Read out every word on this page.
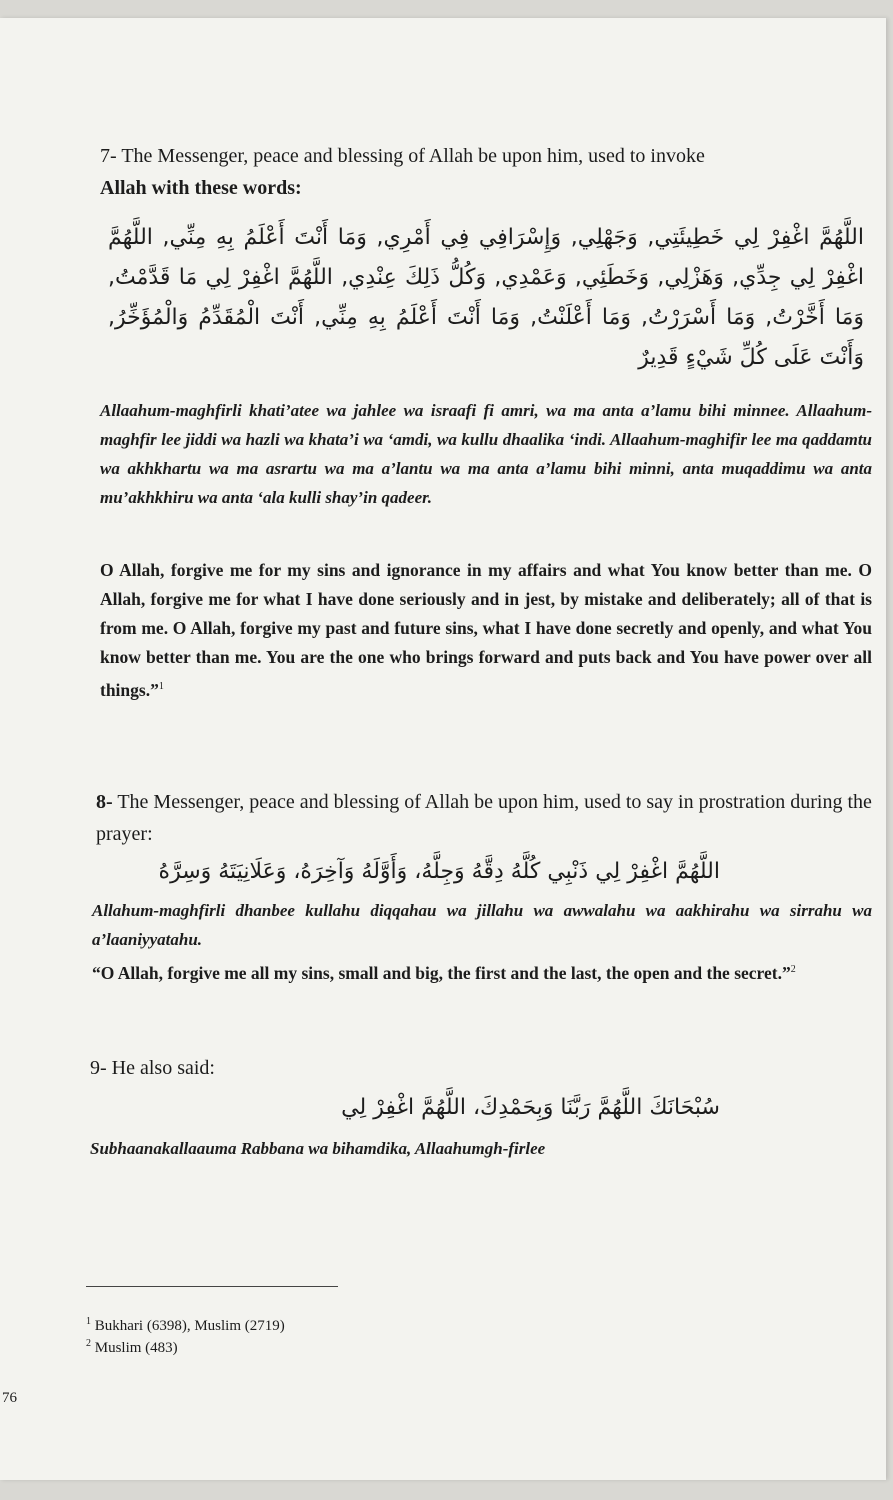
7- The Messenger, peace and blessing of Allah be upon him, used to invoke
Allah with these words:
اللَّهُمَّ اغْفِرْ لِي خَطِيئَتِي, وَجَهْلِي, وَإِسْرَافِي فِي أَمْرِي, وَمَا أَنْتَ أَعْلَمُ بِهِ مِنِّي, اللَّهُمَّ اغْفِرْ لِي جِدِّي, وَهَزْلِي, وَخَطَئِي, وَعَمْدِي, وَكُلُّ ذَلِكَ عِنْدِي, اللَّهُمَّ اغْفِرْ لِي مَا قَدَّمْتُ, وَمَا أَخَّرْتُ, وَمَا أَسْرَرْتُ, وَمَا أَعْلَنْتُ, وَمَا أَنْتَ أَعْلَمُ بِهِ مِنِّي, أَنْتَ الْمُقَدِّمُ وَالْمُؤَخِّرُ, وَأَنْتَ عَلَى كُلِّ شَيْءٍ قَدِيرٌ
Allaahum-maghfirli khati’atee wa jahlee wa israafi fi amri, wa ma anta a’lamu bihi minnee. Allaahum-maghfir lee jiddi wa hazli wa khata’i wa ‘amdi, wa kullu dhaalika ‘indi. Allaahum-maghifir lee ma qaddamtu wa akhkhartu wa ma asrartu wa ma a’lantu wa ma anta a’lamu bihi minni, anta muqaddimu wa anta mu’akhkhiru wa anta ‘ala kulli shay’in qadeer.
O Allah, forgive me for my sins and ignorance in my affairs and what You know better than me. O Allah, forgive me for what I have done seriously and in jest, by mistake and deliberately; all of that is from me. O Allah, forgive my past and future sins, what I have done secretly and openly, and what You know better than me. You are the one who brings forward and puts back and You have power over all things.”$^1$
8- The Messenger, peace and blessing of Allah be upon him, used to say in prostration during the prayer:
اللَّهُمَّ اغْفِرْ لِي ذَنْبِي كُلَّهُ دِقَّهُ وَجِلَّهُ، وَأَوَّلَهُ وَآخِرَهُ، وَعَلَانِيَتَهُ وَسِرَّهُ
Allahum-maghfirli dhanbee kullahu diqqahau wa jillahu wa awwalahu wa aakhirahu wa sirrahu wa a’laaniyyatahu.
“O Allah, forgive me all my sins, small and big, the first and the last, the open and the secret.”$^2$
9- He also said:
سُبْحَانَكَ اللَّهُمَّ رَبَّنَا وَبِحَمْدِكَ، اللَّهُمَّ اغْفِرْ لِي
Subhaanakallaauma Rabbana wa bihamdika, Allaahumgh-firlee
$^1$ Bukhari (6398), Muslim (2719)
$^2$ Muslim (483)
76
